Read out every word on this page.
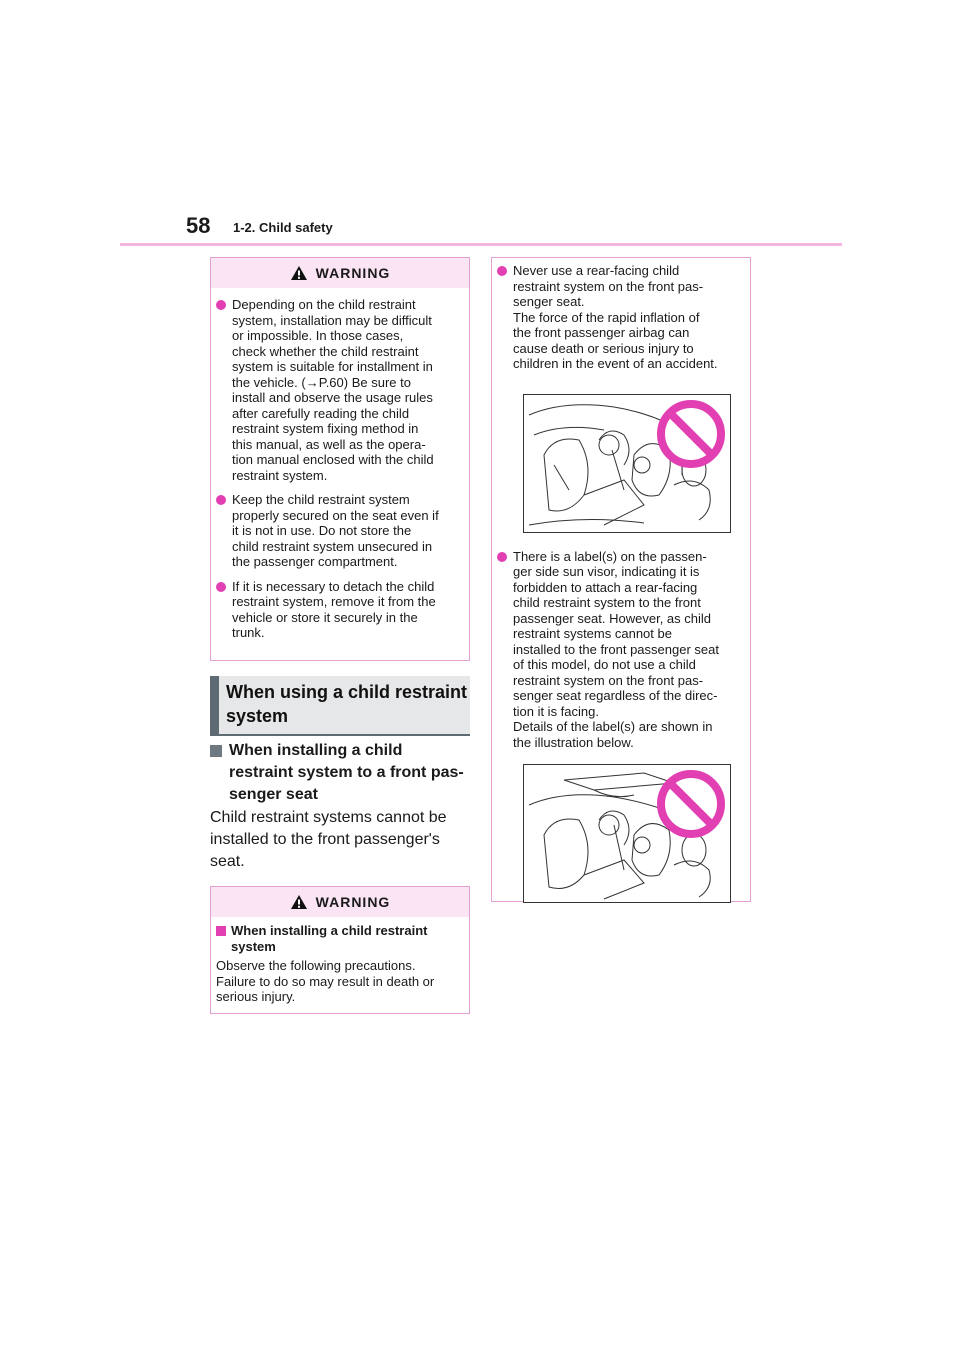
58 1-2. Child safety
WARNING
Depending on the child restraint
system, installation may be difficult
or impossible. In those cases,
check whether the child restraint
system is suitable for installment in
the vehicle. (→P.60) Be sure to
install and observe the usage rules
after carefully reading the child
restraint system fixing method in
this manual, as well as the opera-
tion manual enclosed with the child
restraint system.
Keep the child restraint system
properly secured on the seat even if
it is not in use. Do not store the
child restraint system unsecured in
the passenger compartment.
If it is necessary to detach the child
restraint system, remove it from the
vehicle or store it securely in the
trunk.
When using a child restraint
system
When installing a child
restraint system to a front pas-
senger seat
Child restraint systems cannot be
installed to the front passenger's
seat.
WARNING
When installing a child restraint
system
Observe the following precautions.
Failure to do so may result in death or
serious injury.
Never use a rear-facing child
restraint system on the front pas-
senger seat.
The force of the rapid inflation of
the front passenger airbag can
cause death or serious injury to
children in the event of an accident.
There is a label(s) on the passen-
ger side sun visor, indicating it is
forbidden to attach a rear-facing
child restraint system to the front
passenger seat. However, as child
restraint systems cannot be
installed to the front passenger seat
of this model, do not use a child
restraint system on the front pas-
senger seat regardless of the direc-
tion it is facing.
Details of the label(s) are shown in
the illustration below.
